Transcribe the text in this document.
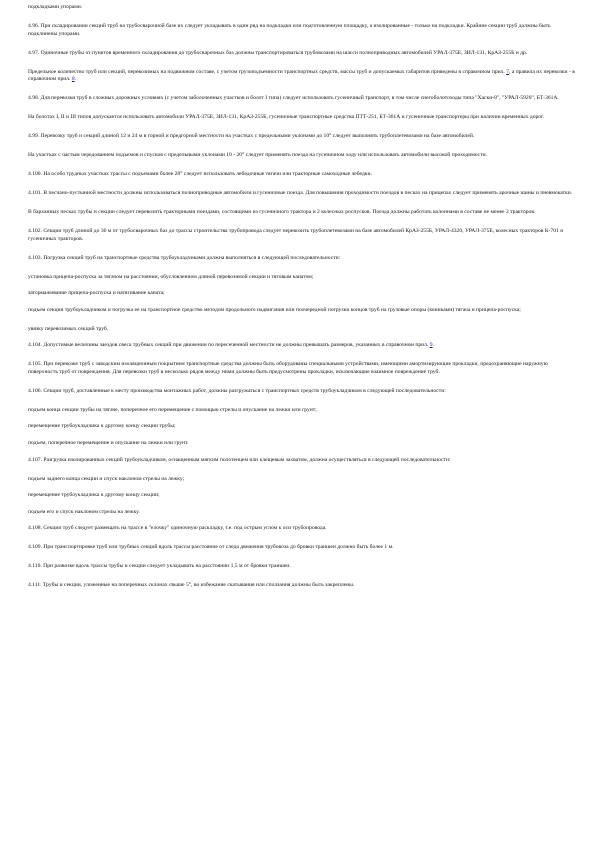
подкладками упорами.

4.96. При складировании секций труб на трубосварочной базе их следует укладывать в один ряд на подкладки или подготовленную площадку, а изолированные - только на подкладки. Крайние секции труб должны быть подклинены упорами.

4.97. Одиночные трубы от пунктов временного складирования до трубосварочных баз должны транспортироваться трубовозами на шасси полноприводных автомобилей УРАЛ-375Е, ЗИЛ-131, КрАЗ-255Б и др.

Предельное количество труб или секций, перевозимых на подвижном составе, с учетом грузоподъемности транспортных средств, массы труб и допускаемых габаритов приведены в справочном прил. 7, а правила их перевозки - в справочном прил. 8.

4.98. Для перевозки труб в сложных дорожных условиях (с учетом заболоченных участков и болот I типа) следует использовать гусеничный транспорт, в том числе снегоболотоходы типа "Хаски-8", "УРАЛ-5920", БТ-361А.

На болотах I, II и III типов допускается использовать автомобили УРАЛ-375Е, ЗИЛ-131, КрАЗ-255Б, гусеничные транспортные средства ПТТ-251, БТ-361А и гусеничные транспортеры при наличии временных дорог.

4.99. Перевозку труб и секций длиной 12 и 24 м в горной и предгорной местности на участках с предельными уклонами до 10° следует выполнять трубоплетевозами на базе автомобилей.

На участках с частым чередованием подъемов и спусков с предельными уклонами 10 - 20° следует применять поезда на гусеничном ходу или использовать автомобили высокой проходимости.

4.100. На особо трудных участках трассы с подъемами более 20° следует использовать лебедочные тягачи или тракторные самоходные лебедки.

4.101. В песчано-пустынной местности должны использоваться полноприводные автомобили и гусеничные поезда. Для повышения проходимости поездов в песках на прицепах следует применять арочные шины и пневмокатки.

В барханных песках трубы и секции следует перевозить тракторными поездами, состоящими из гусеничного трактора и 2 колесных роспусков. Поезда должны работать колоннами в составе не менее 2 тракторов.

4.102. Секции труб длиной до 36 м от трубосварочных баз до трассы строительства трубопровода следует перевозить трубоплетевозами на базе автомобилей КрАЗ-255Б, УРАЛ-4320, УРАЛ-375Е, колесных тракторов К-701 и гусеничных тракторов.

4.103. Погрузка секций труб на транспортные средства трубоукладчиками должна выполняться в следующей последовательности:

установка прицепа-роспуска за тягачом на расстоянии, обусловленном длиной перевозимой секции и тяговым канатом;

затормаживание прицепа-роспуска и натягивание каната;

подъем секции трубоукладчиком и погрузка ее на транспортное средство методом продольного надвигания или поочередной погрузки концов труб на грузовые опоры (кониками) тягача и прицепа-роспуска;

увязку перевозимых секций труб.

4.104. Допустимые величины заездов свеса трубных секций при движении по пересеченной местности не должны превышать размеров, указанных в справочном прил. 9.

4.105. При перевозке труб с заводским изоляционным покрытием транспортные средства должны быть оборудованы специальными устройствами, имеющими амортизирующие прокладки, предохраняющие наружную поверхность труб от повреждения. Для перевозки труб в несколько рядов между ними должны быть предусмотрены прокладки, исключающие взаимное повреждение труб.

4.106. Секции труб, доставленные к месту производства монтажных работ, должны разгружаться с транспортных средств трубоукладчиком в следующей последовательности:

подъем конца секции трубы на тягаче, поперечное его перемещение с помощью стрелы и опускание на лежки или грунт;

перемещение трубоукладчика к другому концу секции трубы;

подъем, поперечное перемещение и опускание на лежки или грунт.

4.107. Разгрузка изолированных секций трубоукладчиком, оснащенным мягким полотенцем или клещевым захватом, должна осуществляться в следующей последовательности:

подъем заднего конца секции и спуск наклоном стрелы на лежку;

перемещение трубоукладчика к другому концу секции;

подъем его и спуск наклоном стрелы на лежку.

4.108. Секции труб следует размещать на трассе в "елочку" одиночную раскладку, т.е. под острым углом к оси трубопровода.

4.109. При транспортировке труб или трубных секций вдоль трассы расстояние от следа движения трубовоза до бровки траншеи должно быть более 1 м.

4.110. При развозке вдоль трассы трубы и секции следует укладывать на расстоянии 1,5 м от бровки траншеи.

4.111. Трубы и секции, уложенные на поперечных склонах свыше 5°, во избежание скатывания или сползания должны быть закреплены.
